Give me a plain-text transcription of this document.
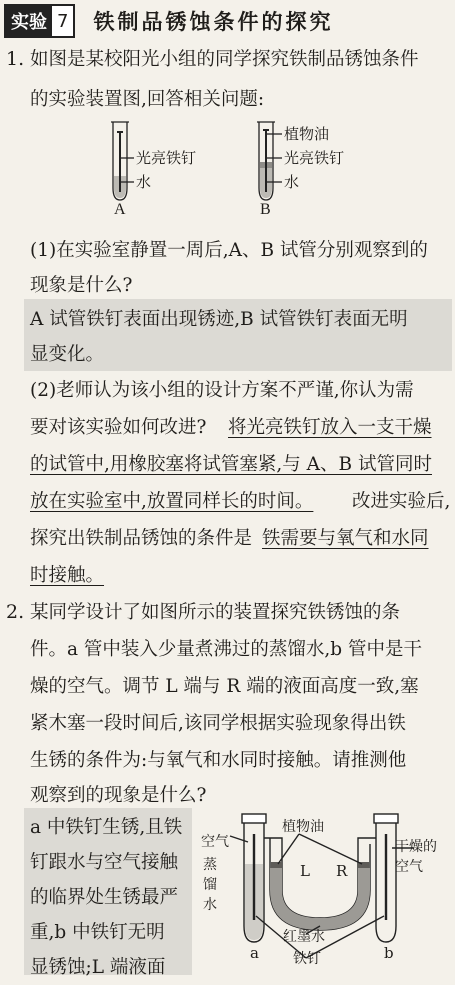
实验 7 铁制品锈蚀条件的探究
1. 如图是某校阳光小组的同学探究铁制品锈蚀条件
的实验装置图,回答相关问题:
光亮铁钉
水
植物油
光亮铁钉
水
A	B
(1)在实验室静置一周后,A、B 试管分别观察到的
现象是什么?
A 试管铁钉表面出现锈迹,B 试管铁钉表面无明
显变化。
(2)老师认为该小组的设计方案不严谨,你认为需
要对该实验如何改进? 将光亮铁钉放入一支干燥
的试管中,用橡胶塞将试管塞紧,与 A、B 试管同时
放在实验室中,放置同样长的时间。 改进实验后,
探究出铁制品锈蚀的条件是 铁需要与氧气和水同
时接触。
2. 某同学设计了如图所示的装置探究铁锈蚀的条
件。a 管中装入少量煮沸过的蒸馏水,b 管中是干
燥的空气。调节 L 端与 R 端的液面高度一致,塞
紧木塞一段时间后,该同学根据实验现象得出铁
生锈的条件为:与氧气和水同时接触。请推测他
观察到的现象是什么?
a 中铁钉生锈,且铁
钉跟水与空气接触
的临界处生锈最严
重,b 中铁钉无明
显锈蚀;L 端液面
空气
蒸
馏
水
植物油
干燥的
空气
L R
红墨水
铁钉
a	b
